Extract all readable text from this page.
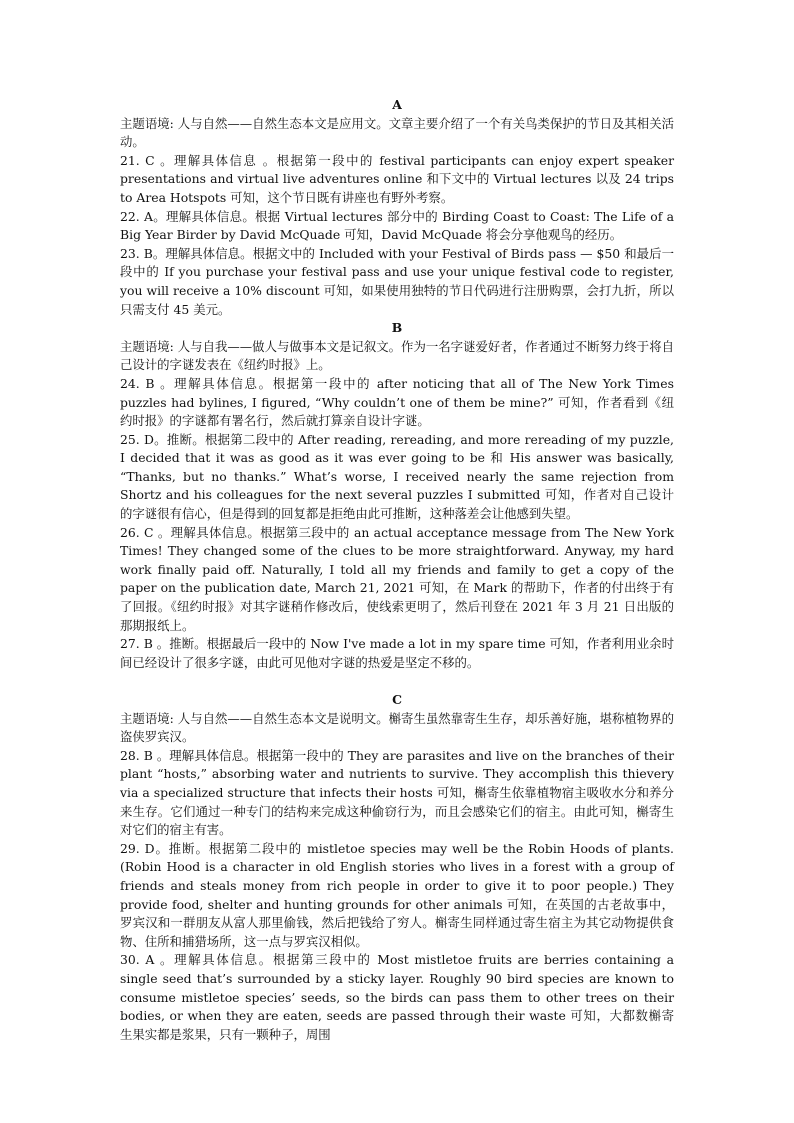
A

主题语境: 人与自然——自然生态本文是应用文。文章主要介绍了一个有关鸟类保护的节日及其相关活动。

21. C 。理解具体信息 。根据第一段中的 festival participants can enjoy expert speaker presentations and virtual live adventures online 和下文中的 Virtual lectures 以及 24 trips to Area Hotspots 可知，这个节日既有讲座也有野外考察。

22. A。理解具体信息。根据 Virtual lectures 部分中的 Birding Coast to Coast: The Life of a Big Year Birder by David McQuade 可知，David McQuade 将会分享他观鸟的经历。

23. B。理解具体信息。根据文中的 Included with your Festival of Birds pass — $50 和最后一段中的 If you purchase your festival pass and use your unique festival code to register, you will receive a 10% discount 可知，如果使用独特的节日代码进行注册购票，会打九折，所以只需支付 45 美元。

B

主题语境: 人与自我——做人与做事本文是记叙文。作为一名字谜爱好者，作者通过不断努力终于将自己设计的字谜发表在《纽约时报》上。

24. B 。理解具体信息。根据第一段中的 after noticing that all of The New York Times puzzles had bylines, I figured, “Why couldn’t one of them be mine?” 可知，作者看到《纽约时报》的字谜都有署名行，然后就打算亲自设计字谜。

25. D。推断。根据第二段中的 After reading, rereading, and more rereading of my puzzle, I decided that it was as good as it was ever going to be 和 His answer was basically, “Thanks, but no thanks.” What’s worse, I received nearly the same rejection from Shortz and his colleagues for the next several puzzles I submitted 可知，作者对自己设计的字谜很有信心，但是得到的回复都是拒绝由此可推断，这种落差会让他感到失望。

26. C 。理解具体信息。根据第三段中的 an actual acceptance message from The New York Times! They changed some of the clues to be more straightforward. Anyway, my hard work finally paid off. Naturally, I told all my friends and family to get a copy of the paper on the publication date, March 21, 2021 可知，在 Mark 的帮助下，作者的付出终于有了回报。《纽约时报》对其字谜稍作修改后，使线索更明了，然后刊登在 2021 年 3 月 21 日出版的那期报纸上。

27. B 。推断。根据最后一段中的 Now I've made a lot in my spare time 可知，作者利用业余时间已经设计了很多字谜，由此可见他对字谜的热爱是坚定不移的。

C

主题语境: 人与自然——自然生态本文是说明文。槲寄生虽然靠寄生生存，却乐善好施，堪称植物界的盗侠罗宾汉。

28. B 。理解具体信息。根据第一段中的 They are parasites and live on the branches of their plant “hosts,” absorbing water and nutrients to survive. They accomplish this thievery via a specialized structure that infects their hosts 可知，槲寄生依靠植物宿主吸收水分和养分来生存。它们通过一种专门的结构来完成这种偷窃行为，而且会感染它们的宿主。由此可知，槲寄生对它们的宿主有害。

29. D。推断。根据第二段中的 mistletoe species may well be the Robin Hoods of plants. (Robin Hood is a character in old English stories who lives in a forest with a group of friends and steals money from rich people in order to give it to poor people.) They provide food, shelter and hunting grounds for other animals 可知，在英国的古老故事中，罗宾汉和一群朋友从富人那里偷钱，然后把钱给了穷人。槲寄生同样通过寄生宿主为其它动物提供食物、住所和捕猎场所，这一点与罗宾汉相似。

30. A 。理解具体信息。根据第三段中的 Most mistletoe fruits are berries containing a single seed that’s surrounded by a sticky layer. Roughly 90 bird species are known to consume mistletoe species’ seeds, so the birds can pass them to other trees on their bodies, or when they are eaten, seeds are passed through their waste 可知，大都数槲寄生果实都是浆果，只有一颗种子，周围
